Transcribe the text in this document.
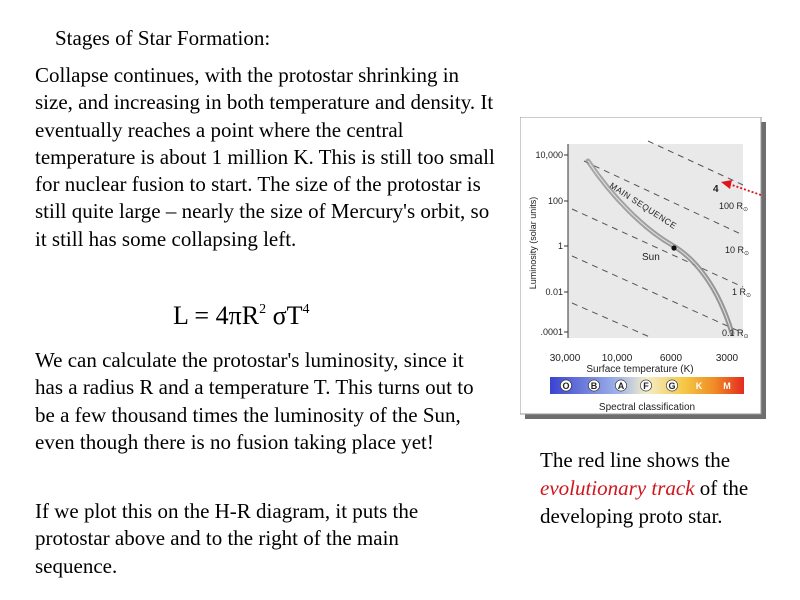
Stages of Star Formation:

Collapse continues, with the protostar shrinking in size, and increasing in both temperature and density. It eventually reaches a point where the central temperature is about 1 million K. This is still too small for nuclear fusion to start. The size of the protostar is still quite large – nearly the size of Mercury's orbit, so it still has some collapsing left.

$L = 4\pi R^2$ $\sigma T^4$

We can calculate the protostar's luminosity, since it has a radius R and a temperature T. This turns out to be a few thousand times the luminosity of the Sun, even though there is no fusion taking place yet!

If we plot this on the H-R diagram, it puts the protostar above and to the right of the main sequence.

Sun
MAIN SEQUENCE	4
100 $R_⊙$
10 $R_⊙$
1 $R_⊙$
0.1 $R_⊙$
10,000
100
1
0.01
.0001
Luminosity (solar units)
30,000 10,000	6000	3000
Surface temperature (K)
O B A F G K M
Spectral classification

The red line shows the evolutionary track of the developing proto star.
